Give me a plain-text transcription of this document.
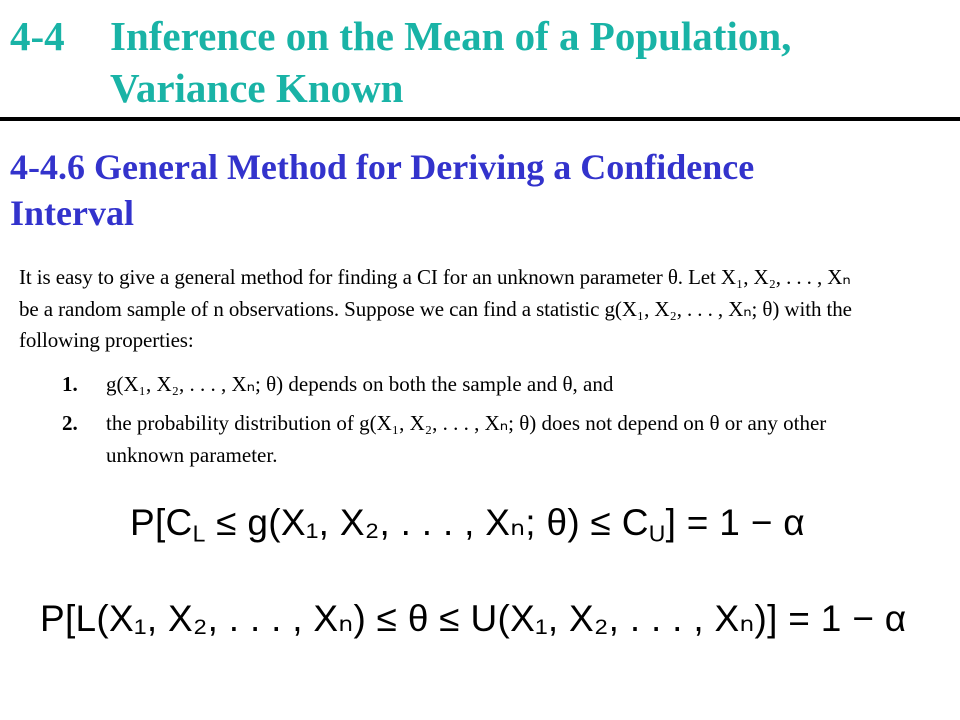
4-4 Inference on the Mean of a Population,
Variance Known
4-4.6 General Method for Deriving a Confidence
Interval
It is easy to give a general method for finding a CI for an unknown parameter θ. Let X₁, X₂, . . . , Xₙ
be a random sample of n observations. Suppose we can find a statistic g(X₁, X₂, . . . , Xₙ; θ) with the
following properties:
1. g(X₁, X₂, . . . , Xₙ; θ) depends on both the sample and θ, and
2. the probability distribution of g(X₁, X₂, . . . , Xₙ; θ) does not depend on θ or any other
unknown parameter.
$P[C_L \le g(X_1$, X₂, . . . , Xₙ; $\theta) \le C_U] = 1 - \alpha$
P[L(X₁, X₂, . . . , Xₙ) ≤ θ ≤ U(X₁, X₂, . . . , Xₙ)] = 1 − α
